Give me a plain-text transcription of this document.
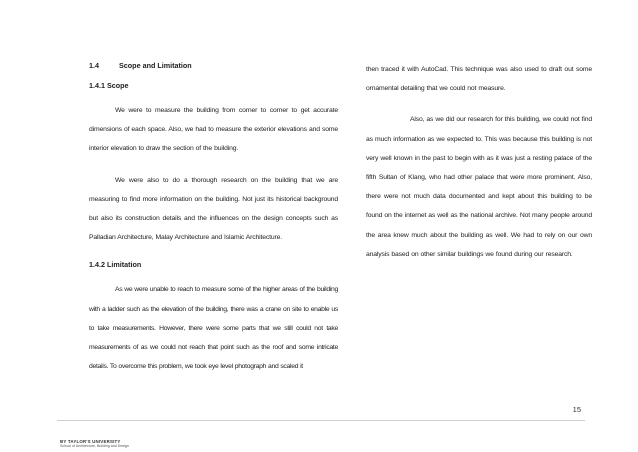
1.4	Scope and Limitation
1.4.1 Scope

We were to measure the building from corner to corner to get accurate dimensions of each space. Also, we had to measure the exterior elevations and some interior elevation to draw the section of the building.

We were also to do a thorough research on the building that we are measuring to find more information on the building. Not just its historical background but also its construction details and the influences on the design concepts such as Palladian Architecture, Malay Architecture and Islamic Architecture.

1.4.2 Limitation

As we were unable to reach to measure some of the higher areas of the building with a ladder such as the elevation of the building, there was a crane on site to enable us to take measurements. However, there were some parts that we still could not take measurements of as we could not reach that point such as the roof and some intricate details. To overcome this problem, we took eye level photograph and scaled it

then traced it with AutoCad. This technique was also used to draft out some ornamental detailing that we could not measure.

Also, as we did our research for this building, we could not find as much information as we expected to. This was because this building is not very well known in the past to begin with as it was just a resting palace of the fifth Sultan of Klang, who had other palace that were more prominent. Also, there were not much data documented and kept about this building to be found on the internet as well as the national archive. Not many people around the area knew much about the building as well. We had to rely on our own analysis based on other similar buildings we found during our research.

15
BY TAYLOR'S UNIVERSITY
School of Architecture, Building and Design
